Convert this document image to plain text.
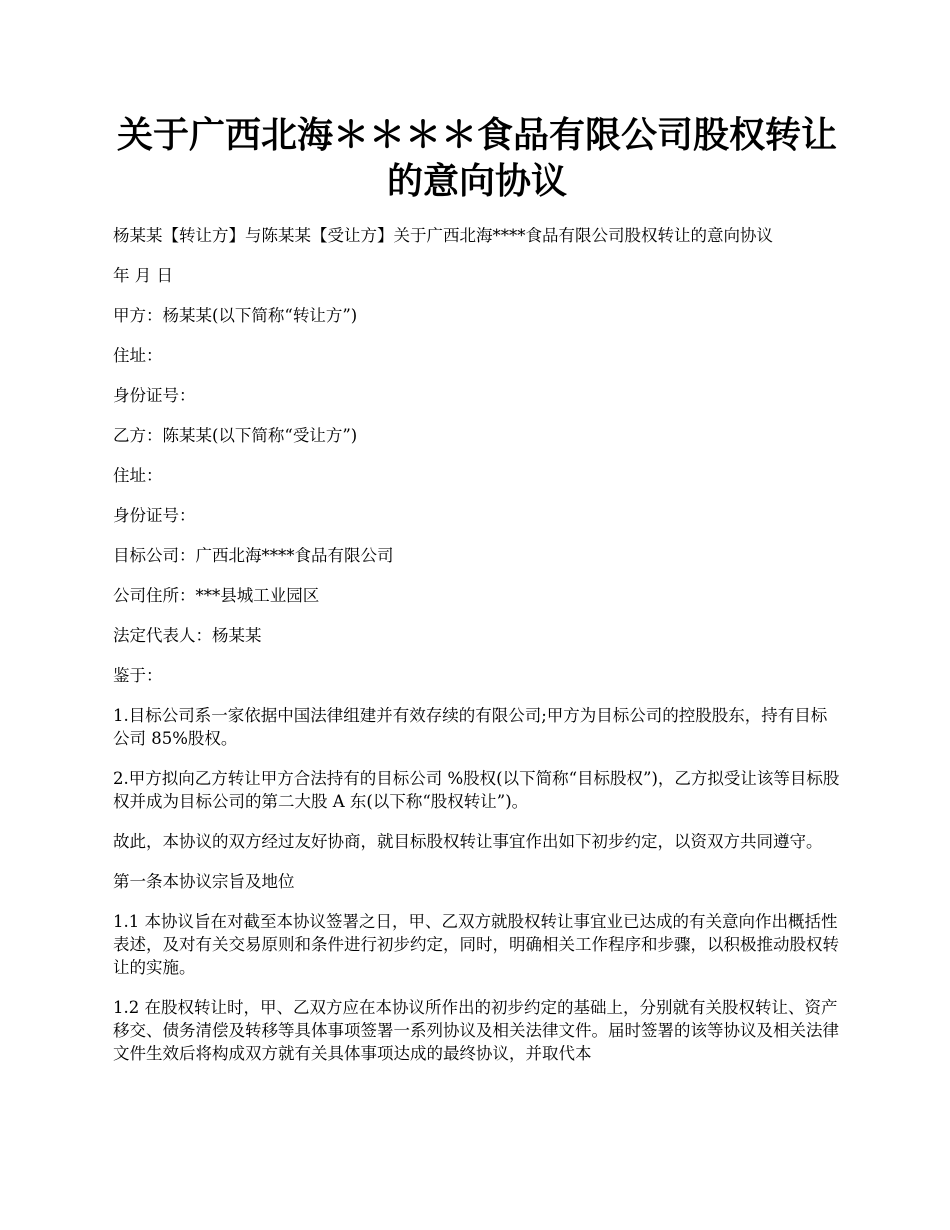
关于广西北海＊＊＊＊食品有限公司股权转让的意向协议

杨某某【转让方】与陈某某【受让方】关于广西北海****食品有限公司股权转让的意向协议

年 月 日

甲方：杨某某(以下简称“转让方”)

住址：

身份证号：

乙方：陈某某(以下简称“受让方”)

住址：

身份证号：

目标公司：广西北海****食品有限公司

公司住所：***县城工业园区

法定代表人：杨某某

鉴于：

1.目标公司系一家依据中国法律组建并有效存续的有限公司;甲方为目标公司的控股股东，持有目标公司 85%股权。

2.甲方拟向乙方转让甲方合法持有的目标公司 %股权(以下简称“目标股权”)，乙方拟受让该等目标股权并成为目标公司的第二大股 A 东(以下称“股权转让”)。

故此，本协议的双方经过友好协商，就目标股权转让事宜作出如下初步约定，以资双方共同遵守。

第一条本协议宗旨及地位

1.1 本协议旨在对截至本协议签署之日，甲、乙双方就股权转让事宜业已达成的有关意向作出概括性表述，及对有关交易原则和条件进行初步约定，同时，明确相关工作程序和步骤，以积极推动股权转让的实施。

1.2 在股权转让时，甲、乙双方应在本协议所作出的初步约定的基础上，分别就有关股权转让、资产移交、债务清偿及转移等具体事项签署一系列协议及相关法律文件。届时签署的该等协议及相关法律文件生效后将构成双方就有关具体事项达成的最终协议，并取代本
